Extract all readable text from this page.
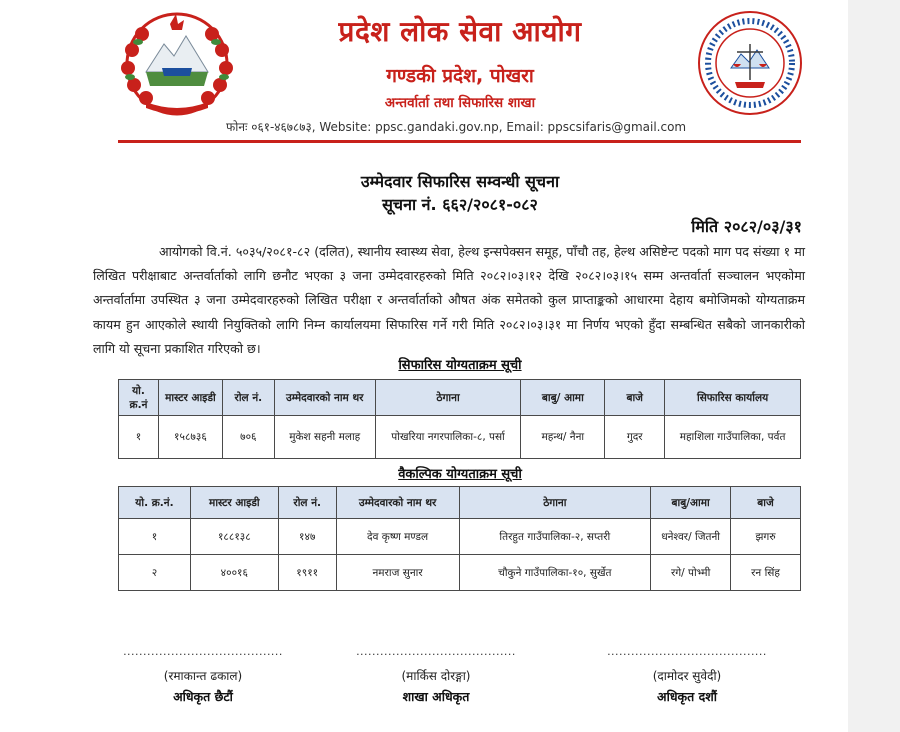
प्रदेश लोक सेवा आयोग
गण्डकी प्रदेश, पोखरा
अन्तर्वार्ता तथा सिफारिस शाखा
फोनः ०६१-४६७८७३, Website: ppsc.gandaki.gov.np, Email: ppscsifaris@gmail.com
उम्मेदवार सिफारिस सम्वन्धी सूचना
सूचना नं. ६६२/२०८१-०८२
मिति २०८२/०३/३१

आयोगको वि.नं. ५०३५/२०८१-८२ (दलित), स्थानीय स्वास्थ्य सेवा, हेल्थ इन्सपेक्सन समूह, पाँचौ तह, हेल्थ असिष्टेन्ट पदको माग पद संख्या १ मा लिखित परीक्षाबाट अन्तर्वार्ताको लागि छनौट भएका ३ जना उम्मेदवारहरुको मिति २०८२।०३।१२ देखि २०८२।०३।१५ सम्म अन्तर्वार्ता सञ्चालन भएकोमा अन्तर्वार्तामा उपस्थित ३ जना उम्मेदवारहरुको लिखित परीक्षा र अन्तर्वार्ताको औषत अंक समेतको कुल प्राप्ताङ्कको आधारमा देहाय बमोजिमको योग्यताक्रम कायम हुन आएकोले स्थायी नियुक्तिको लागि निम्न कार्यालयमा सिफारिस गर्ने गरी मिति २०८२।०३।३१ मा निर्णय भएको हुँदा सम्बन्धित सबैको जानकारीको लागि यो सूचना प्रकाशित गरिएको छ।

सिफारिस योग्यताक्रम सूची
यो. क्र.नं	मास्टर आइडी	रोल नं.	उम्मेदवारको नाम थर	ठेगाना	बाबु/ आमा	बाजे	सिफारिस कार्यालय
१	१५८७३६	७०६	मुकेश सहनी मलाह	पोखरिया नगरपालिका-८, पर्सा	महन्थ/ नैना	गुदर	महाशिला गाउँपालिका, पर्वत
वैकल्पिक योग्यताक्रम सूची
यो. क्र.नं.	मास्टर आइडी	रोल नं.	उम्मेदवारको नाम थर	ठेगाना	बाबु/आमा	बाजे
१	१८८१३८	१४७	देव कृष्ण मण्डल	तिरहुत गाउँपालिका-२, सप्तरी	धनेश्वर/ जितनी	झगरु
२	४००१६	१९११	नमराज सुनार	चौकुने गाउँपालिका-१०, सुर्खेत	रगे/ पोभ्मी	रन सिंह
........................................
(रमाकान्त ढकाल)
अधिकृत छैटौं
........................................
(मार्किस दोरङ्गा)
शाखा अधिकृत
........................................
(दामोदर सुवेदी)
अधिकृत दशौं
